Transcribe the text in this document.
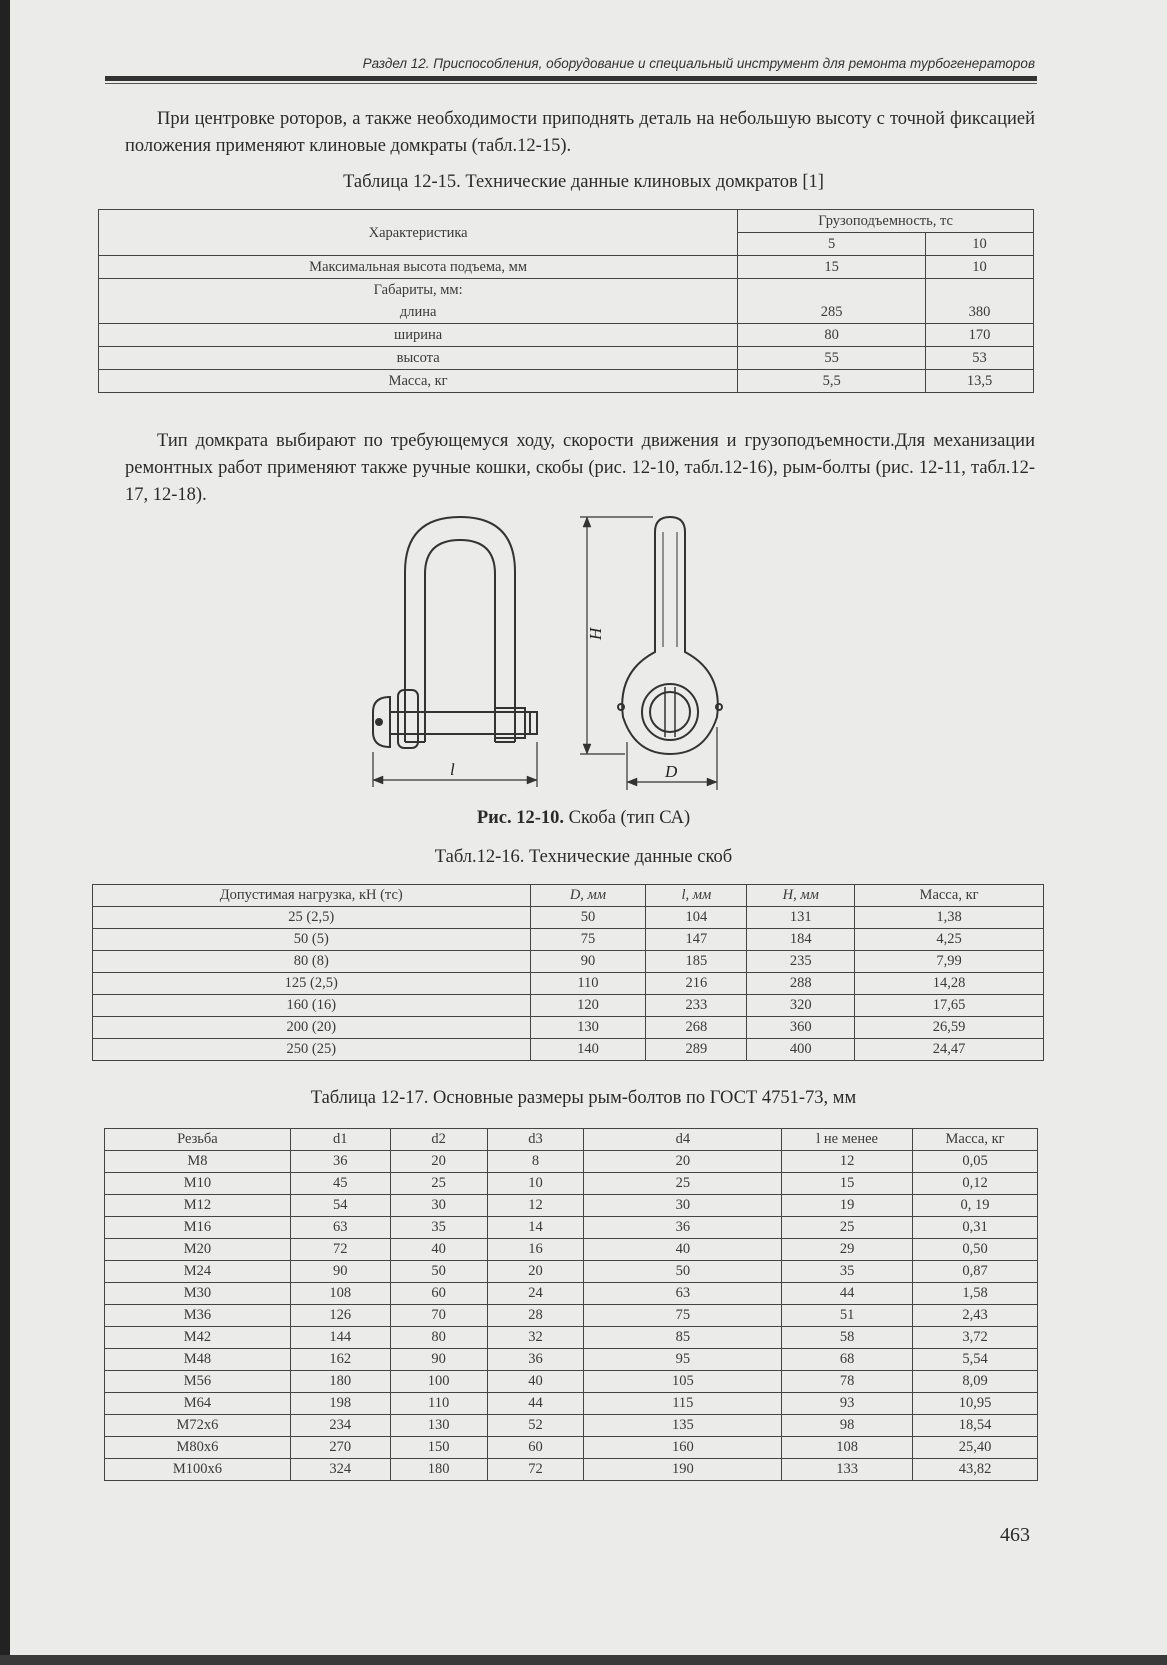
Раздел 12. Приспособления, оборудование и специальный инструмент для ремонта турбогенераторов
При центровке роторов, а также необходимости приподнять деталь на небольшую высоту с точной фиксацией положения применяют клиновые домкраты (табл.12-15).
Таблица 12-15. Технические данные клиновых домкратов [1]
Характеристика	Грузоподъемность, тс	
	5	10
Максимальная высота подъема, мм	15	10

Габариты, мм:
длина	285	380
ширина	80	170
высота	55	53
Масса, кг	5,5	13,5
Тип домкрата выбирают по требующемуся ходу, скорости движения и грузоподъемности.Для механизации ремонтных работ применяют также ручные кошки, скобы (рис. 12-10, табл.12-16), рым-болты (рис. 12-11, табл.12-17, 12-18).
l
H
D
Рис. 12-10. Скоба (тип СА)
Табл.12-16. Технические данные скоб
Допустимая нагрузка, кН (тс)	D, мм	l, мм	H, мм	Масса, кг
25 (2,5)	50	104	131	1,38
50 (5)	75	147	184	4,25
80 (8)	90	185	235	7,99
125 (2,5)	110	216	288	14,28
160 (16)	120	233	320	17,65
200 (20)	130	268	360	26,59
250 (25)	140	289	400	24,47
Таблица 12-17. Основные размеры рым-болтов по ГОСТ 4751-73, мм
Резьба	d1	d2	d3	d4	l не менее	Масса, кг
M8	36	20	8	20	12	0,05
M10	45	25	10	25	15	0,12
M12	54	30	12	30	19	0, 19
M16	63	35	14	36	25	0,31
M20	72	40	16	40	29	0,50
M24	90	50	20	50	35	0,87
M30	108	60	24	63	44	1,58
M36	126	70	28	75	51	2,43
M42	144	80	32	85	58	3,72
M48	162	90	36	95	68	5,54
M56	180	100	40	105	78	8,09
M64	198	110	44	115	93	10,95
M72x6	234	130	52	135	98	18,54
M80x6	270	150	60	160	108	25,40
M100x6	324	180	72	190	133	43,82
463
